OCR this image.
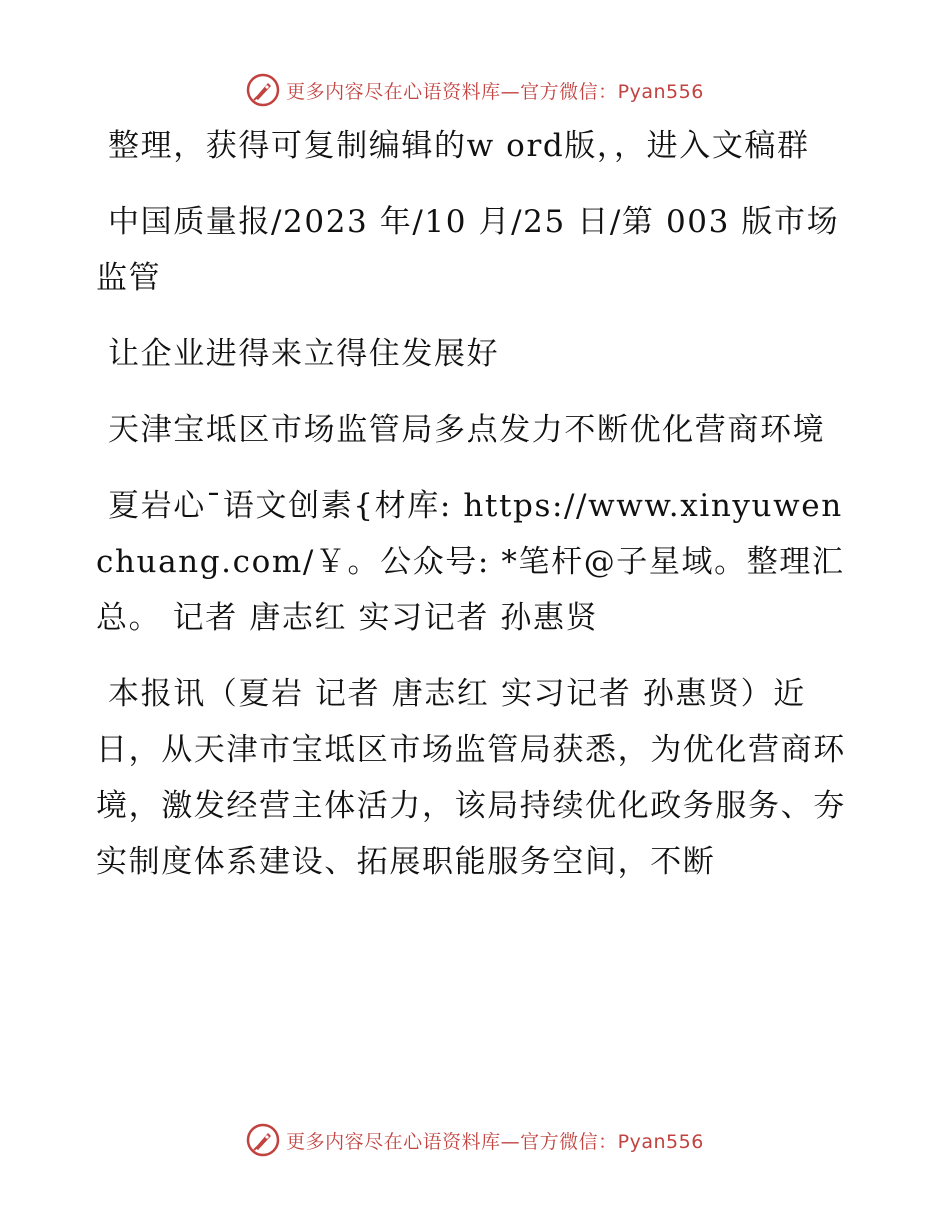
更多内容尽在心语资料库—官方微信：Pyan556

整理，获得可复制编辑的w ord版，，进入文稿群

中国质量报/2023 年/10 月/25 日/第 003 版市场监管

让企业进得来立得住发展好

天津宝坻区市场监管局多点发力不断优化营商环境

夏岩心¯语文创素{材库: https://www.xinyuwenchuang.com/￥。公众号: *笔杆@子星域。整理汇总。 记者 唐志红 实习记者 孙惠贤

本报讯（夏岩 记者 唐志红 实习记者 孙惠贤）近日，从天津市宝坻区市场监管局获悉，为优化营商环境，激发经营主体活力，该局持续优化政务服务、夯实制度体系建设、拓展职能服务空间，不断

更多内容尽在心语资料库—官方微信：Pyan556
